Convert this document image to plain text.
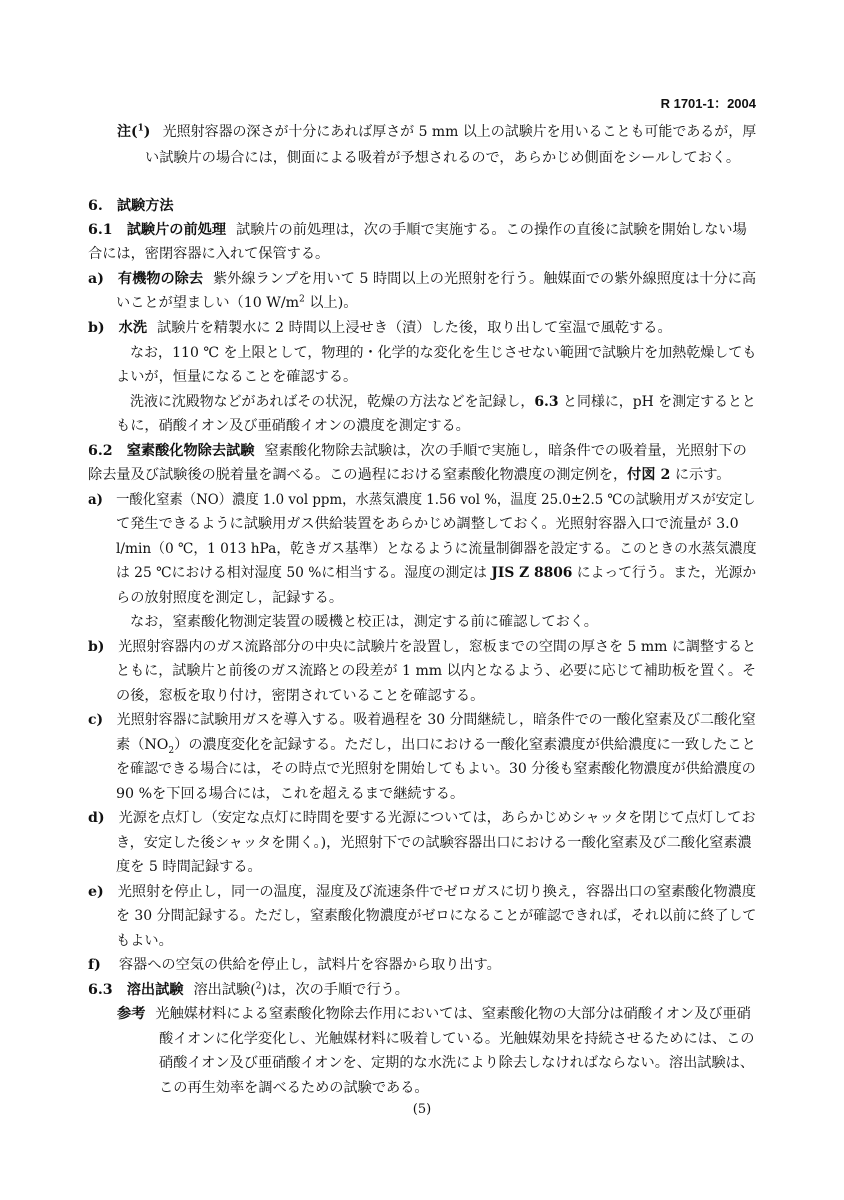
R 1701-1：2004
注($^1$) 光照射容器の深さが十分にあれば厚さが 5 mm 以上の試験片を用いることも可能であるが，厚
い試験片の場合には，側面による吸着が予想されるので，あらかじめ側面をシールしておく。
6. 試験方法
6.1 試験片の前処理 試験片の前処理は，次の手順で実施する。この操作の直後に試験を開始しない場
合には，密閉容器に入れて保管する。
a) 有機物の除去 紫外線ランプを用いて 5 時間以上の光照射を行う。触媒面での紫外線照度は十分に高
いことが望ましい（10 $W/m^2$ 以上)。
b) 水洗 試験片を精製水に 2 時間以上浸せき（漬）した後，取り出して室温で風乾する。
なお，110 ℃ を上限として，物理的・化学的な変化を生じさせない範囲で試験片を加熱乾燥しても
よいが，恒量になることを確認する。
洗液に沈殿物などがあればその状況，乾燥の方法などを記録し，6.3 と同様に，pH を測定するとと
もに，硝酸イオン及び亜硝酸イオンの濃度を測定する。
6.2 窒素酸化物除去試験 窒素酸化物除去試験は，次の手順で実施し，暗条件での吸着量，光照射下の
除去量及び試験後の脱着量を調べる。この過程における窒素酸化物濃度の測定例を，付図 2 に示す。
a) 一酸化窒素（NO）濃度 1.0 vol ppm，水蒸気濃度 1.56 vol %，温度 25.0±2.5 ℃の試験用ガスが安定し
て発生できるように試験用ガス供給装置をあらかじめ調整しておく。光照射容器入口で流量が 3.0
l/min（0 ℃，1 013 hPa，乾きガス基準）となるように流量制御器を設定する。このときの水蒸気濃度
は 25 ℃における相対湿度 50 %に相当する。湿度の測定は JIS Z 8806 によって行う。また，光源か
らの放射照度を測定し，記録する。
なお，窒素酸化物測定装置の暖機と校正は，測定する前に確認しておく。
b) 光照射容器内のガス流路部分の中央に試験片を設置し，窓板までの空間の厚さを 5 mm に調整すると
ともに，試験片と前後のガス流路との段差が 1 mm 以内となるよう、必要に応じて補助板を置く。そ
の後，窓板を取り付け，密閉されていることを確認する。
c) 光照射容器に試験用ガスを導入する。吸着過程を 30 分間継続し，暗条件での一酸化窒素及び二酸化窒
素$(NO_2)$の濃度変化を記録する。ただし，出口における一酸化窒素濃度が供給濃度に一致したこと
を確認できる場合には，その時点で光照射を開始してもよい。30 分後も窒素酸化物濃度が供給濃度の
90 %を下回る場合には，これを超えるまで継続する。
d) 光源を点灯し（安定な点灯に時間を要する光源については，あらかじめシャッタを閉じて点灯してお
き，安定した後シャッタを開く。)，光照射下での試験容器出口における一酸化窒素及び二酸化窒素濃
度を 5 時間記録する。
e) 光照射を停止し，同一の温度，湿度及び流速条件でゼロガスに切り換え，容器出口の窒素酸化物濃度
を 30 分間記録する。ただし，窒素酸化物濃度がゼロになることが確認できれば，それ以前に終了して
もよい。
f) 容器への空気の供給を停止し，試料片を容器から取り出す。
6.3 溶出試験 溶出試験($^2$)は，次の手順で行う。
参考 光触媒材料による窒素酸化物除去作用においては、窒素酸化物の大部分は硝酸イオン及び亜硝
酸イオンに化学変化し、光触媒材料に吸着している。光触媒効果を持続させるためには、この
硝酸イオン及び亜硝酸イオンを、定期的な水洗により除去しなければならない。溶出試験は、
この再生効率を調べるための試験である。
(5)
